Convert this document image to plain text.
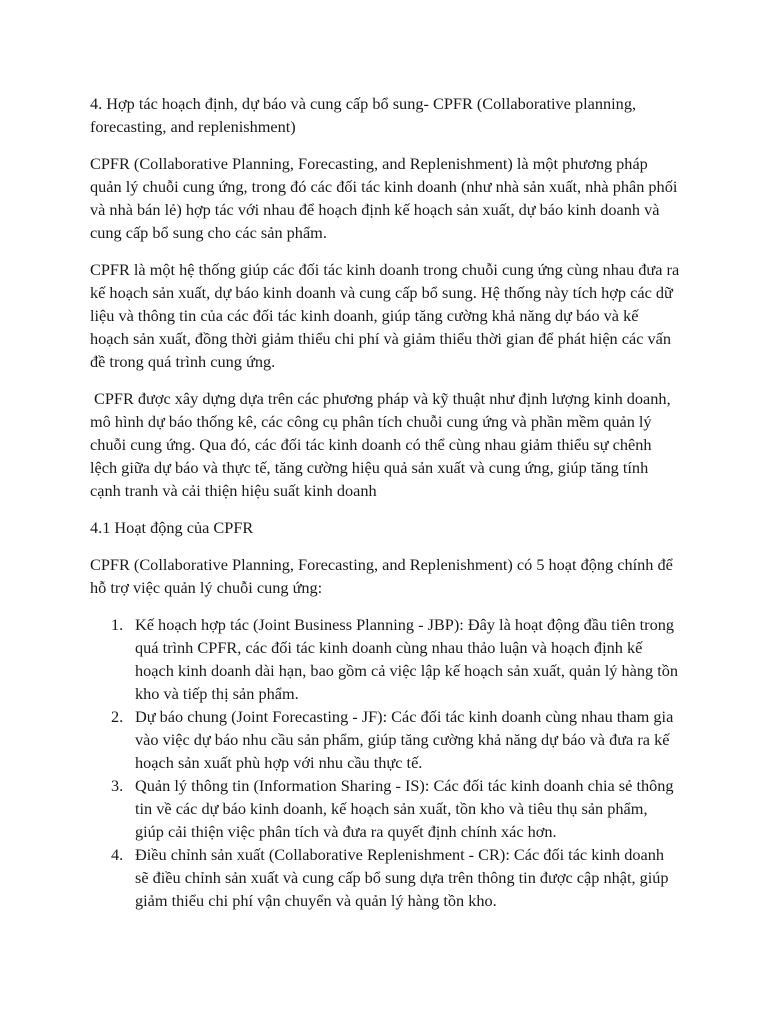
4. Hợp tác hoạch định, dự báo và cung cấp bổ sung- CPFR (Collaborative planning, forecasting, and replenishment)

CPFR (Collaborative Planning, Forecasting, and Replenishment) là một phương pháp quản lý chuỗi cung ứng, trong đó các đối tác kinh doanh (như nhà sản xuất, nhà phân phối và nhà bán lẻ) hợp tác với nhau để hoạch định kế hoạch sản xuất, dự báo kinh doanh và cung cấp bổ sung cho các sản phẩm.

CPFR là một hệ thống giúp các đối tác kinh doanh trong chuỗi cung ứng cùng nhau đưa ra kế hoạch sản xuất, dự báo kinh doanh và cung cấp bổ sung. Hệ thống này tích hợp các dữ liệu và thông tin của các đối tác kinh doanh, giúp tăng cường khả năng dự báo và kế hoạch sản xuất, đồng thời giảm thiểu chi phí và giảm thiểu thời gian để phát hiện các vấn đề trong quá trình cung ứng.

CPFR được xây dựng dựa trên các phương pháp và kỹ thuật như định lượng kinh doanh, mô hình dự báo thống kê, các công cụ phân tích chuỗi cung ứng và phần mềm quản lý chuỗi cung ứng. Qua đó, các đối tác kinh doanh có thể cùng nhau giảm thiểu sự chênh lệch giữa dự báo và thực tế, tăng cường hiệu quả sản xuất và cung ứng, giúp tăng tính cạnh tranh và cải thiện hiệu suất kinh doanh

4.1 Hoạt động của CPFR

CPFR (Collaborative Planning, Forecasting, and Replenishment) có 5 hoạt động chính để hỗ trợ việc quản lý chuỗi cung ứng:

1. Kế hoạch hợp tác (Joint Business Planning - JBP): Đây là hoạt động đầu tiên trong quá trình CPFR, các đối tác kinh doanh cùng nhau thảo luận và hoạch định kế hoạch kinh doanh dài hạn, bao gồm cả việc lập kế hoạch sản xuất, quản lý hàng tồn kho và tiếp thị sản phẩm.
2. Dự báo chung (Joint Forecasting - JF): Các đối tác kinh doanh cùng nhau tham gia vào việc dự báo nhu cầu sản phẩm, giúp tăng cường khả năng dự báo và đưa ra kế hoạch sản xuất phù hợp với nhu cầu thực tế.
3. Quản lý thông tin (Information Sharing - IS): Các đối tác kinh doanh chia sẻ thông tin về các dự báo kinh doanh, kế hoạch sản xuất, tồn kho và tiêu thụ sản phẩm, giúp cải thiện việc phân tích và đưa ra quyết định chính xác hơn.
4. Điều chỉnh sản xuất (Collaborative Replenishment - CR): Các đối tác kinh doanh sẽ điều chỉnh sản xuất và cung cấp bổ sung dựa trên thông tin được cập nhật, giúp giảm thiểu chi phí vận chuyển và quản lý hàng tồn kho.
